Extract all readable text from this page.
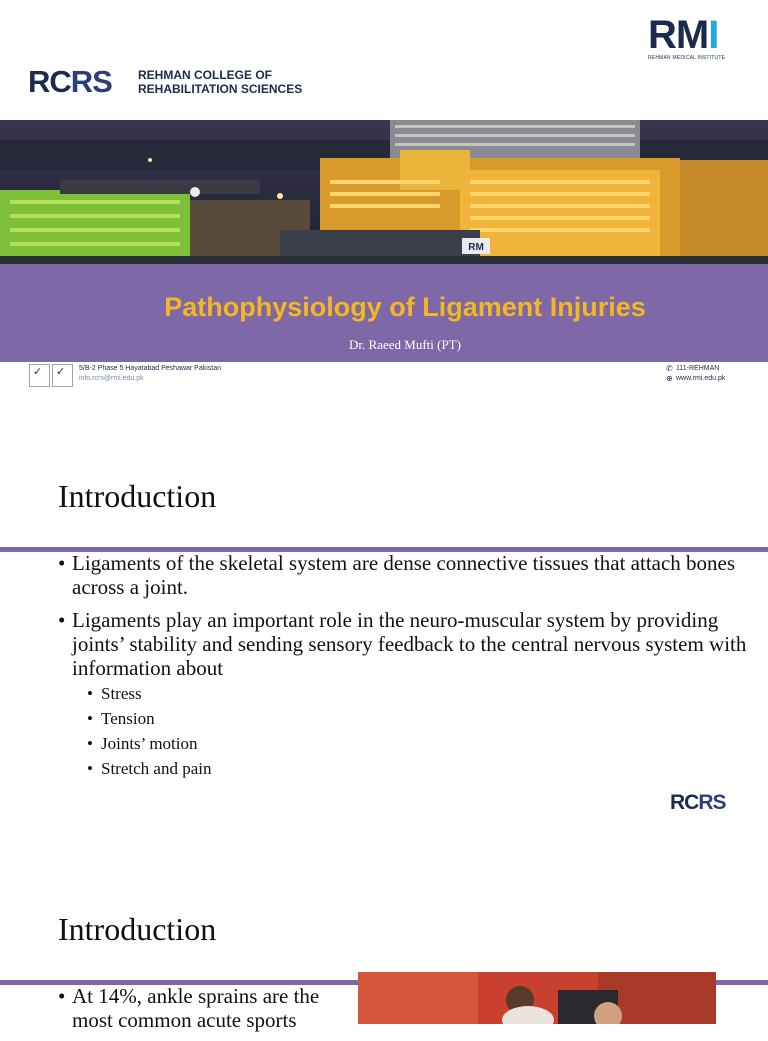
RMI
REHMAN MEDICAL INSTITUTE
RCRS REHMAN COLLEGE OF
REHABILITATION SCIENCES
RM
Pathophysiology of Ligament Injuries
Dr. Raeed Mufti (PT)
✓ ✓ 5/B-2 Phase 5 Hayatabad Peshawar Pakistan
info.rcrs@rmi.edu.pk
✆ 111-REHMAN
⊕ www.rmi.edu.pk
Introduction
• Ligaments of the skeletal system are dense connective tissues that attach bones across a joint.
• Ligaments play an important role in the neuro-muscular system by providing joints’ stability and sending sensory feedback to the central nervous system with information about
• Stress
• Tension
• Joints’ motion
• Stretch and pain
RCRS
Introduction
• At 14%, ankle sprains are the most common acute sports
